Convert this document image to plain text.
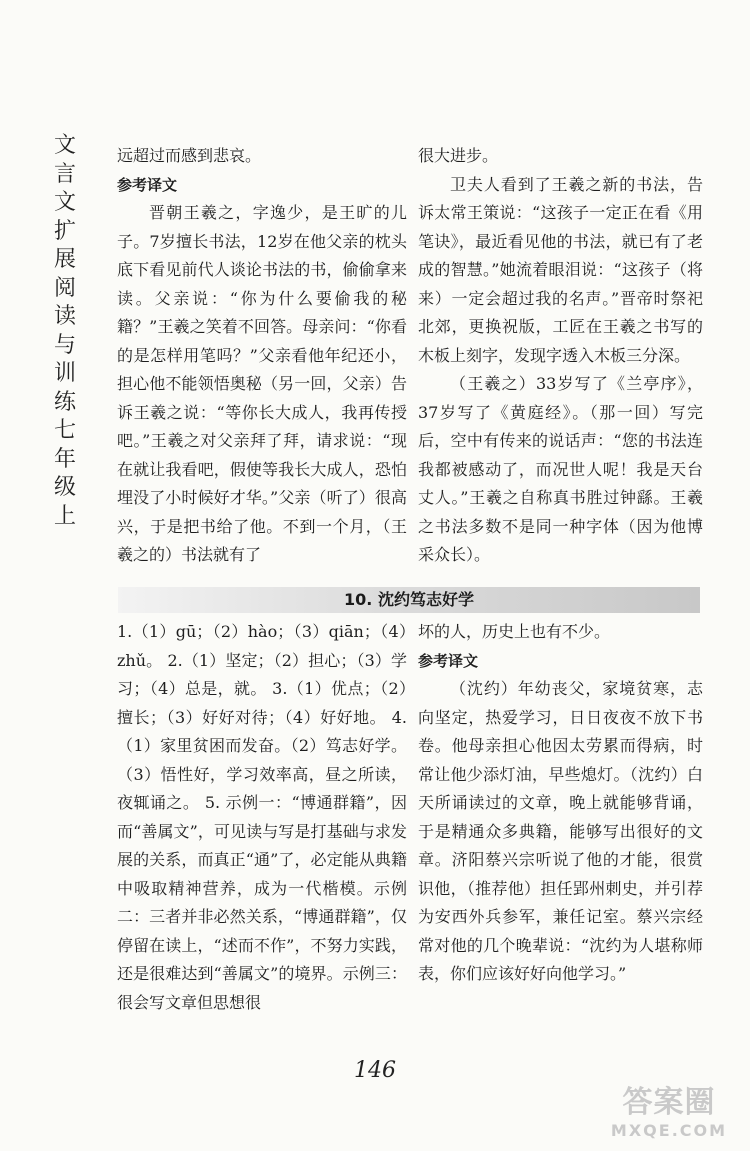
文
言
文
扩
展
阅
读
与
训
练
七
年
级
上

远超过而感到悲哀。

参考译文

晋朝王羲之，字逸少，是王旷的儿子。7岁擅长书法，12岁在他父亲的枕头底下看见前代人谈论书法的书，偷偷拿来读。父亲说：“你为什么要偷我的秘籍？”王羲之笑着不回答。母亲问：“你看的是怎样用笔吗？”父亲看他年纪还小，担心他不能领悟奥秘（另一回，父亲）告诉王羲之说：“等你长大成人，我再传授吧。”王羲之对父亲拜了拜，请求说：“现在就让我看吧，假使等我长大成人，恐怕埋没了小时候好才华。”父亲（听了）很高兴，于是把书给了他。不到一个月，（王羲之的）书法就有了

很大进步。

卫夫人看到了王羲之新的书法，告诉太常王策说：“这孩子一定正在看《用笔诀》，最近看见他的书法，就已有了老成的智慧。”她流着眼泪说：“这孩子（将来）一定会超过我的名声。”晋帝时祭祀北郊，更换祝版，工匠在王羲之书写的木板上刻字，发现字透入木板三分深。

（王羲之）33岁写了《兰亭序》，37岁写了《黄庭经》。（那一回）写完后，空中有传来的说话声：“您的书法连我都被感动了，而况世人呢！我是天台丈人。”王羲之自称真书胜过钟繇。王羲之书法多数不是同一种字体（因为他博采众长）。

10. 沈约笃志好学

1.（1）gū；（2）hào；（3）qiān；（4）zhǔ。 2.（1）坚定；（2）担心；（3）学习；（4）总是，就。 3.（1）优点；（2）擅长；（3）好好对待；（4）好好地。 4.（1）家里贫困而发奋。（2）笃志好学。（3）悟性好，学习效率高，昼之所读，夜辄诵之。 5. 示例一：“博通群籍”，因而“善属文”，可见读与写是打基础与求发展的关系，而真正“通”了，必定能从典籍中吸取精神营养，成为一代楷模。示例二：三者并非必然关系，“博通群籍”，仅停留在读上，“述而不作”，不努力实践，还是很难达到“善属文”的境界。示例三：很会写文章但思想很

坏的人，历史上也有不少。

参考译文

（沈约）年幼丧父，家境贫寒，志向坚定，热爱学习，日日夜夜不放下书卷。他母亲担心他因太劳累而得病，时常让他少添灯油，早些熄灯。（沈约）白天所诵读过的文章，晚上就能够背诵，于是精通众多典籍，能够写出很好的文章。济阳蔡兴宗听说了他的才能，很赏识他，（推荐他）担任郢州刺史，并引荐为安西外兵参军，兼任记室。蔡兴宗经常对他的几个晚辈说：“沈约为人堪称师表，你们应该好好向他学习。”

146
答案圈
MXQE.COM
